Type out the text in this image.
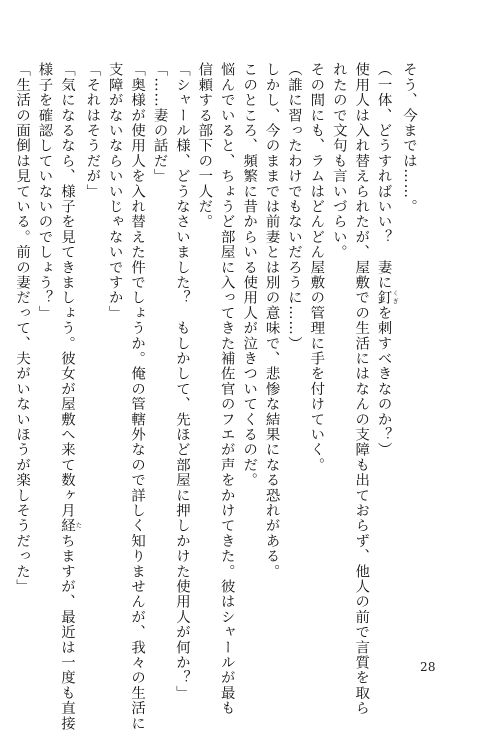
そう、今までは……。
（一体、どうすればいい？　妻に釘 くぎを刺すべきなのか？）
使用人は入れ替えられたが、屋敷での生活にはなんの支障も出ておらず、他人の前で言質を取ら
れたので文句も言いづらい。
その間にも、ラムはどんどん屋敷の管理に手を付けていく。
（誰に習ったわけでもないだろうに……）
しかし、今のままでは前妻とは別の意味で、悲惨な結果になる恐れがある。
このところ、頻繁に昔からいる使用人が泣きついてくるのだ。
悩んでいると、ちょうど部屋に入ってきた補佐官のフエが声をかけてきた。彼はシャールが最も
信頼する部下の一人だ。
「シャール様、どうなさいました？　もしかして、先ほど部屋に押しかけた使用人が何か？」
「……妻の話だ」
「奥様が使用人を入れ替えた件でしょうか。俺の管轄外なので詳しく知りませんが、我々の生活に
支障がないならいいじゃないですか」
「それはそうだが」
「気になるなら、様子を見てきましょう。彼女が屋敷へ来て数ヶ月経 たちますが、最近は一度も直接
様子を確認していないのでしょう？」
「生活の面倒は見ている。前の妻だって、夫がいないほうが楽しそうだった」
28
